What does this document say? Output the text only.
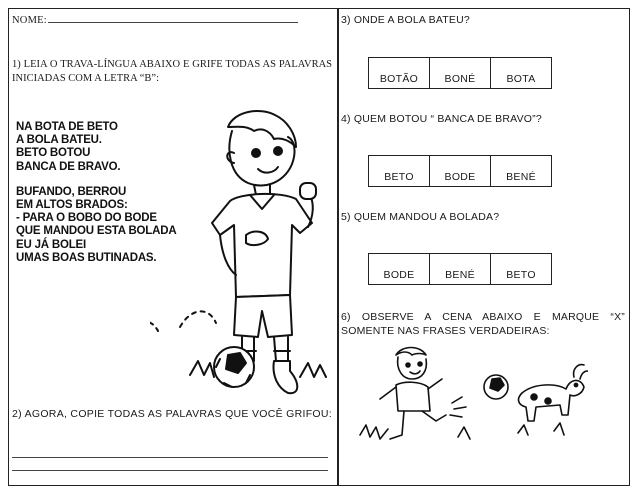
NOME:
1) LEIA O TRAVA-LÍNGUA ABAIXO E GRIFE TODAS AS PALAVRAS INICIADAS COM A LETRA “B”:
NA BOTA DE BETO
A BOLA BATEU.
BETO BOTOU
BANCA DE BRAVO.
BUFANDO, BERROU
EM ALTOS BRADOS:
- PARA O BOBO DO BODE
QUE MANDOU ESTA BOLADA
EU JÁ BOLEI
UMAS BOAS BUTINADAS.
2) AGORA, COPIE TODAS AS PALAVRAS QUE VOCÊ GRIFOU:
3) ONDE A BOLA BATEU?
BOTÃO	BONÉ	BOTA
4) QUEM BOTOU “ BANCA DE BRAVO”?
BETO	BODE	BENÉ
5) QUEM MANDOU A BOLADA?
BODE	BENÉ	BETO
6) OBSERVE A CENA ABAIXO E MARQUE “X” SOMENTE NAS FRASES VERDADEIRAS:
